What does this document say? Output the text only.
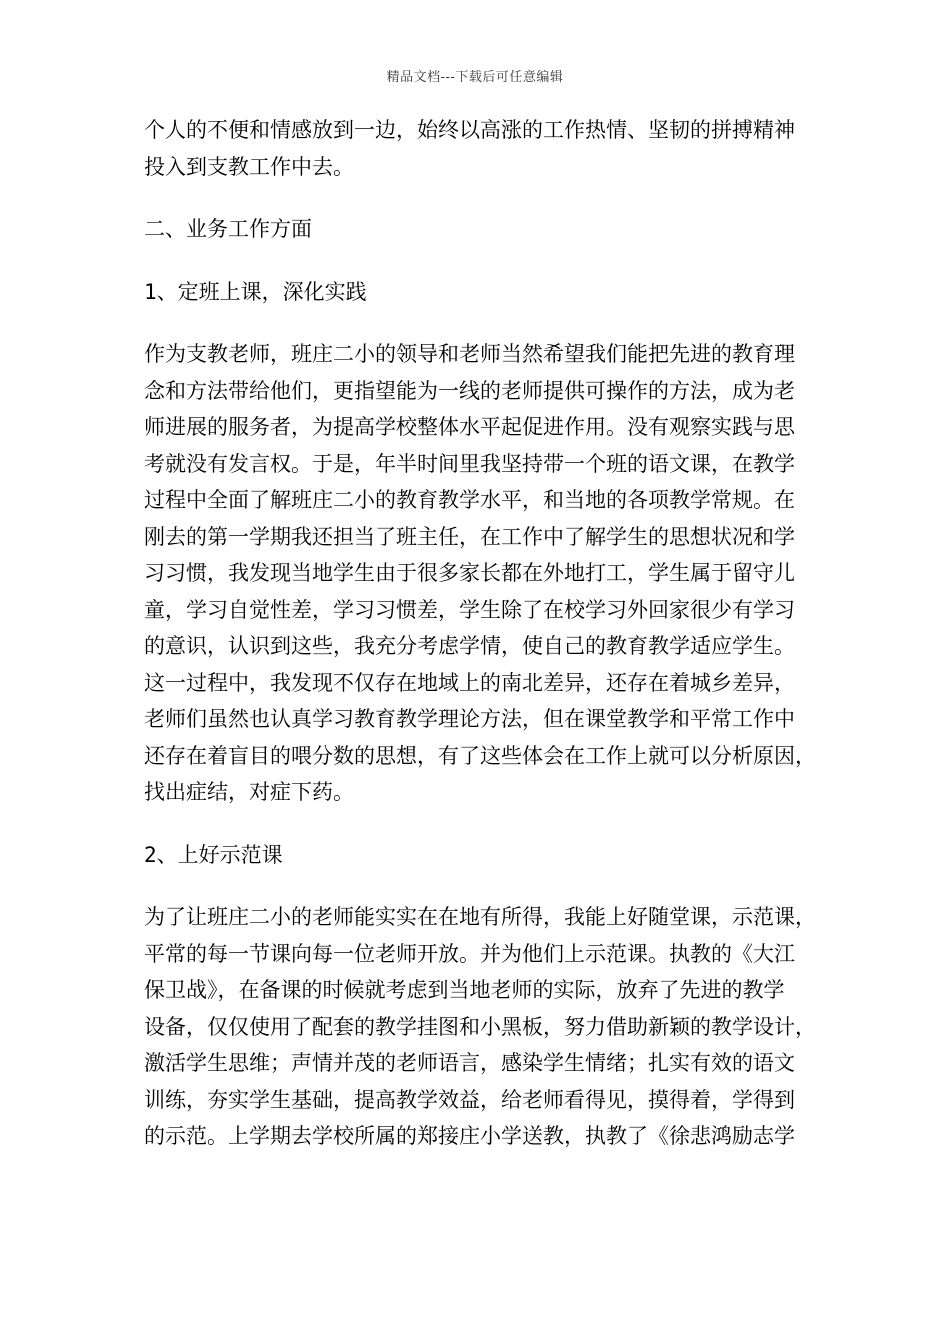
精品文档---下载后可任意编辑
个人的不便和情感放到一边，始终以高涨的工作热情、坚韧的拼搏精神
投入到支教工作中去。
二、业务工作方面
1、定班上课，深化实践
作为支教老师，班庄二小的领导和老师当然希望我们能把先进的教育理
念和方法带给他们，更指望能为一线的老师提供可操作的方法，成为老
师进展的服务者，为提高学校整体水平起促进作用。没有观察实践与思
考就没有发言权。于是，年半时间里我坚持带一个班的语文课，在教学
过程中全面了解班庄二小的教育教学水平，和当地的各项教学常规。在
刚去的第一学期我还担当了班主任，在工作中了解学生的思想状况和学
习习惯，我发现当地学生由于很多家长都在外地打工，学生属于留守儿
童，学习自觉性差，学习习惯差，学生除了在校学习外回家很少有学习
的意识，认识到这些，我充分考虑学情，使自己的教育教学适应学生。
这一过程中，我发现不仅存在地域上的南北差异，还存在着城乡差异，
老师们虽然也认真学习教育教学理论方法，但在课堂教学和平常工作中
还存在着盲目的喂分数的思想，有了这些体会在工作上就可以分析原因，
找出症结，对症下药。
2、上好示范课
为了让班庄二小的老师能实实在在地有所得，我能上好随堂课，示范课，
平常的每一节课向每一位老师开放。并为他们上示范课。执教的《大江
保卫战》，在备课的时候就考虑到当地老师的实际，放弃了先进的教学
设备，仅仅使用了配套的教学挂图和小黑板，努力借助新颖的教学设计，
激活学生思维；声情并茂的老师语言，感染学生情绪；扎实有效的语文
训练，夯实学生基础，提高教学效益，给老师看得见，摸得着，学得到
的示范。上学期去学校所属的郑接庄小学送教，执教了《徐悲鸿励志学
